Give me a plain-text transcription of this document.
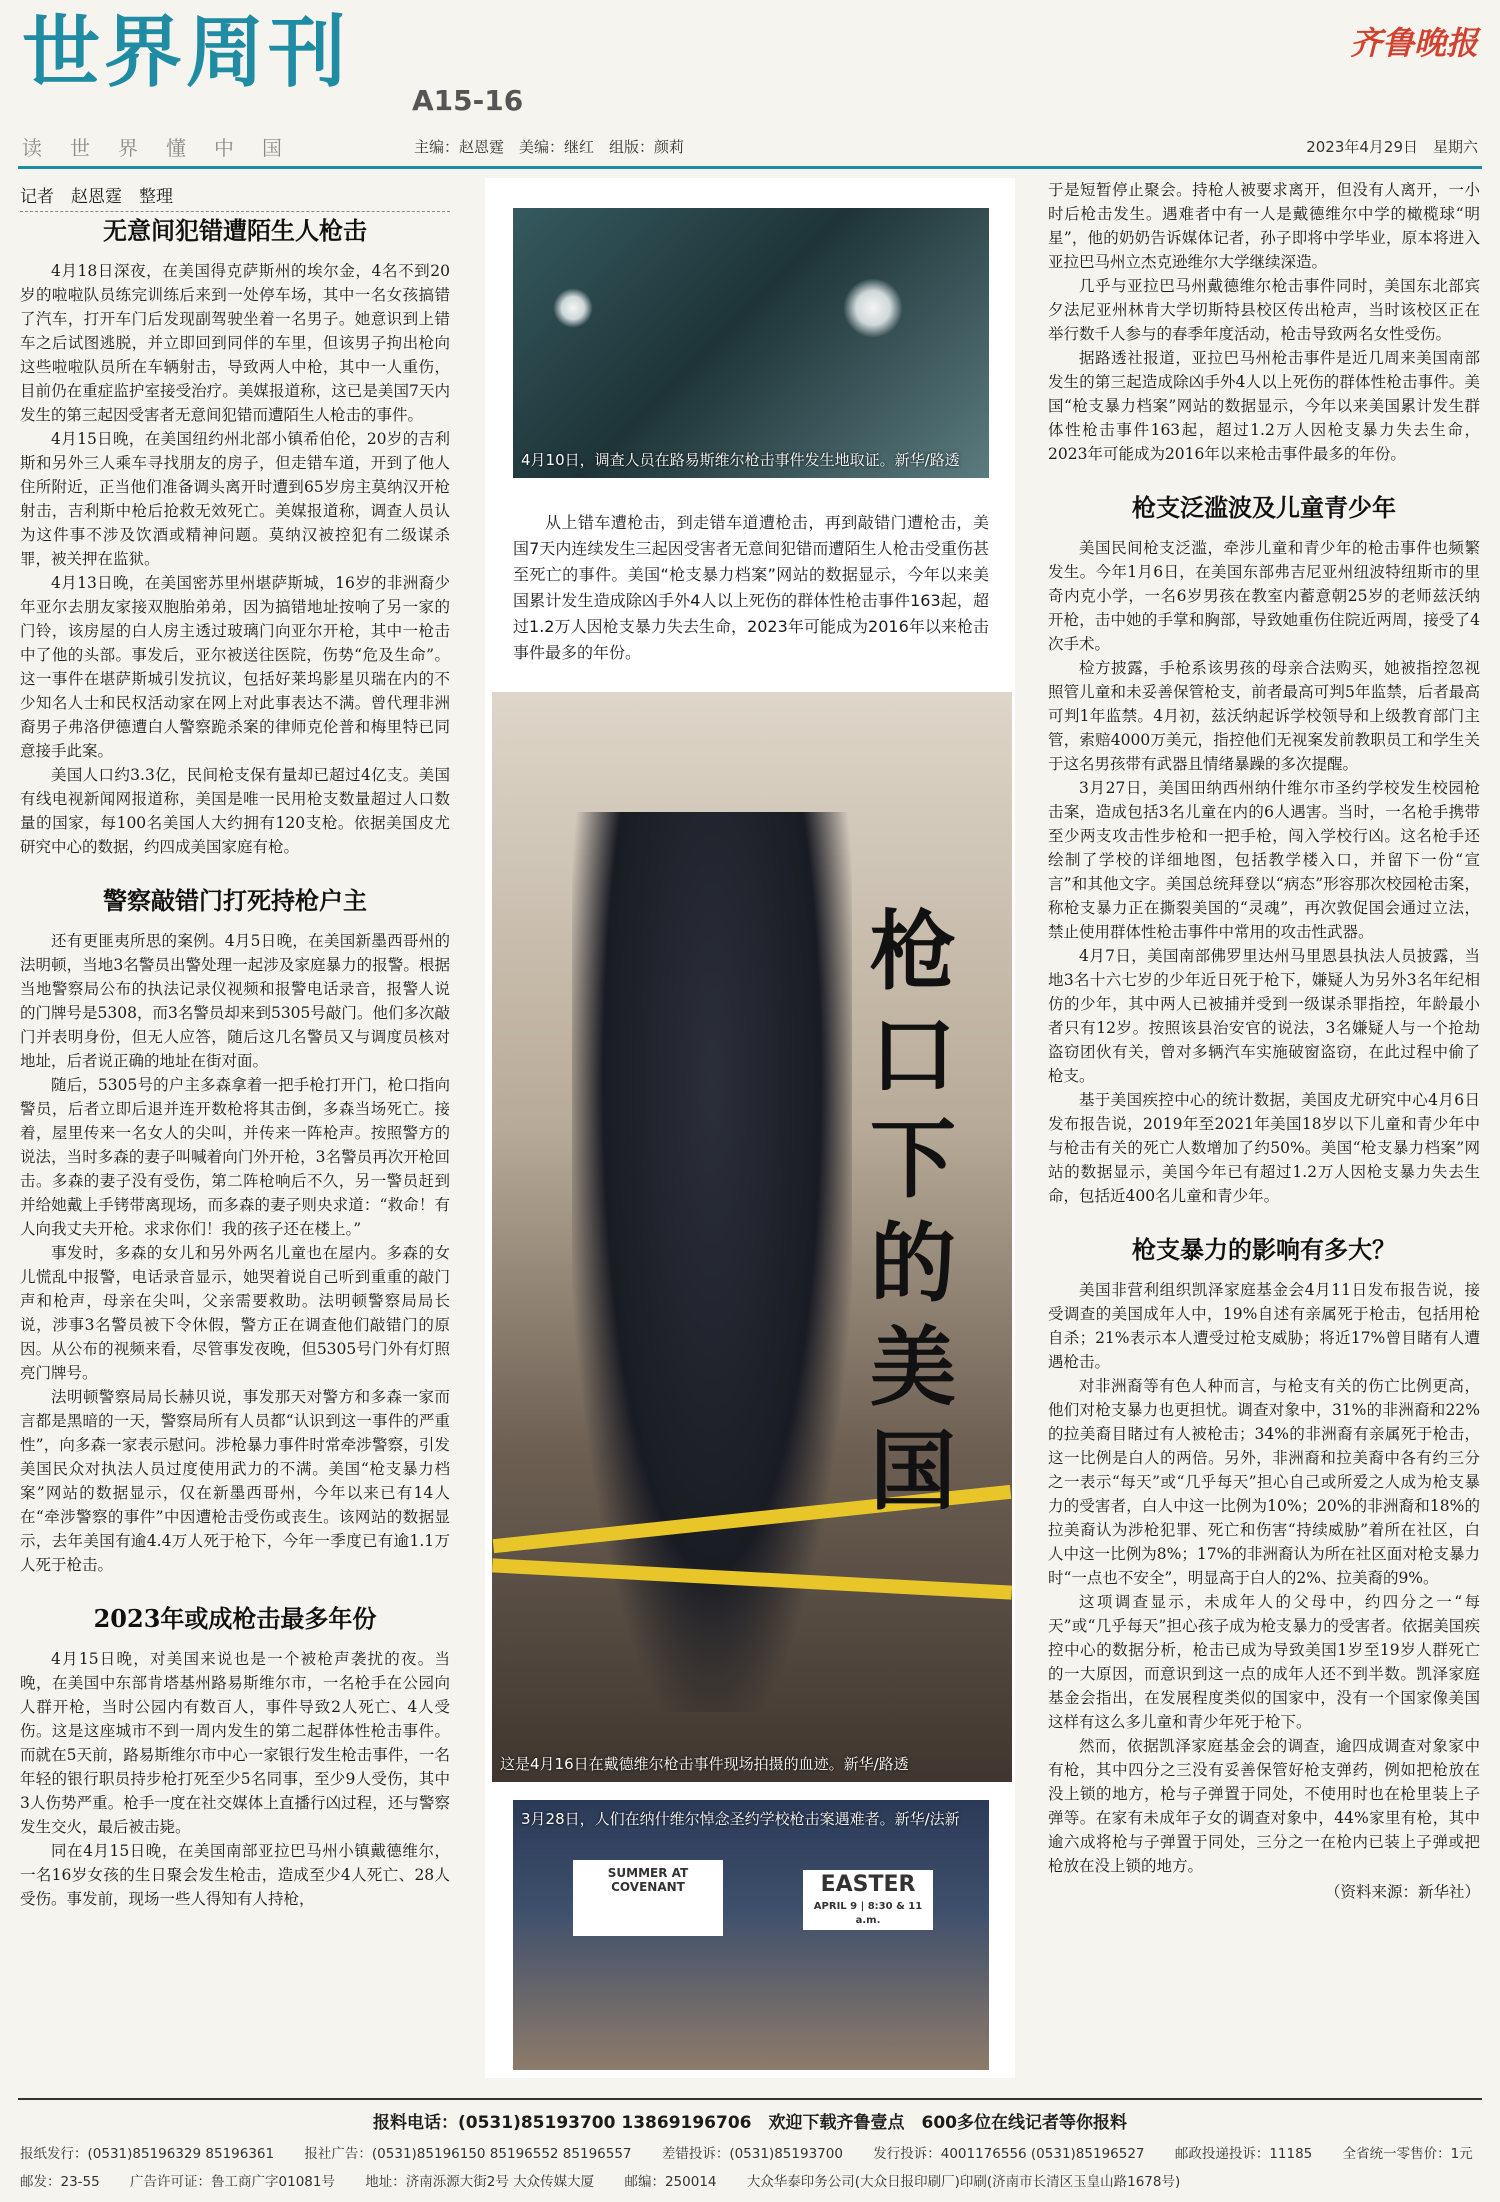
世界周刊
A15-16
读世界懂中国
齐鲁晚报
主编：赵恩霆　美编：继红　组版：颜莉	2023年4月29日　星期六
记者　赵恩霆　整理
无意间犯错遭陌生人枪击

4月18日深夜，在美国得克萨斯州的埃尔金，4名不到20岁的啦啦队员练完训练后来到一处停车场，其中一名女孩搞错了汽车，打开车门后发现副驾驶坐着一名男子。她意识到上错车之后试图逃脱，并立即回到同伴的车里，但该男子拘出枪向这些啦啦队员所在车辆射击，导致两人中枪，其中一人重伤，目前仍在重症监护室接受治疗。美媒报道称，这已是美国7天内发生的第三起因受害者无意间犯错而遭陌生人枪击的事件。

4月15日晚，在美国纽约州北部小镇希伯伦，20岁的吉利斯和另外三人乘车寻找朋友的房子，但走错车道，开到了他人住所附近，正当他们准备调头离开时遭到65岁房主莫纳汉开枪射击，吉利斯中枪后抢救无效死亡。美媒报道称，调查人员认为这件事不涉及饮酒或精神问题。莫纳汉被控犯有二级谋杀罪，被关押在监狱。

4月13日晚，在美国密苏里州堪萨斯城，16岁的非洲裔少年亚尔去朋友家接双胞胎弟弟，因为搞错地址按响了另一家的门铃，该房屋的白人房主透过玻璃门向亚尔开枪，其中一枪击中了他的头部。事发后，亚尔被送往医院，伤势“危及生命”。这一事件在堪萨斯城引发抗议，包括好莱坞影星贝瑞在内的不少知名人士和民权活动家在网上对此事表达不满。曾代理非洲裔男子弗洛伊德遭白人警察跪杀案的律师克伦普和梅里特已同意接手此案。

美国人口约3.3亿，民间枪支保有量却已超过4亿支。美国有线电视新闻网报道称，美国是唯一民用枪支数量超过人口数量的国家，每100名美国人大约拥有120支枪。依据美国皮尤研究中心的数据，约四成美国家庭有枪。

警察敲错门打死持枪户主

还有更匪夷所思的案例。4月5日晚，在美国新墨西哥州的法明顿，当地3名警员出警处理一起涉及家庭暴力的报警。根据当地警察局公布的执法记录仪视频和报警电话录音，报警人说的门牌号是5308，而3名警员却来到5305号敲门。他们多次敲门并表明身份，但无人应答，随后这几名警员又与调度员核对地址，后者说正确的地址在街对面。

随后，5305号的户主多森拿着一把手枪打开门，枪口指向警员，后者立即后退并连开数枪将其击倒，多森当场死亡。接着，屋里传来一名女人的尖叫，并传来一阵枪声。按照警方的说法，当时多森的妻子叫喊着向门外开枪，3名警员再次开枪回击。多森的妻子没有受伤，第二阵枪响后不久，另一警员赶到并给她戴上手铐带离现场，而多森的妻子则央求道：“救命！有人向我丈夫开枪。求求你们！我的孩子还在楼上。”

事发时，多森的女儿和另外两名儿童也在屋内。多森的女儿慌乱中报警，电话录音显示，她哭着说自己听到重重的敲门声和枪声，母亲在尖叫，父亲需要救助。法明顿警察局局长说，涉事3名警员被下令休假，警方正在调查他们敲错门的原因。从公布的视频来看，尽管事发夜晚，但5305号门外有灯照亮门牌号。

法明顿警察局局长赫贝说，事发那天对警方和多森一家而言都是黑暗的一天，警察局所有人员都“认识到这一事件的严重性”，向多森一家表示慰问。涉枪暴力事件时常牵涉警察，引发美国民众对执法人员过度使用武力的不满。美国“枪支暴力档案”网站的数据显示，仅在新墨西哥州，今年以来已有14人在“牵涉警察的事件”中因遭枪击受伤或丧生。该网站的数据显示，去年美国有逾4.4万人死于枪下，今年一季度已有逾1.1万人死于枪击。

2023年或成枪击最多年份

4月15日晚，对美国来说也是一个被枪声袭扰的夜。当晚，在美国中东部肯塔基州路易斯维尔市，一名枪手在公园向人群开枪，当时公园内有数百人，事件导致2人死亡、4人受伤。这是这座城市不到一周内发生的第二起群体性枪击事件。而就在5天前，路易斯维尔市中心一家银行发生枪击事件，一名年轻的银行职员持步枪打死至少5名同事，至少9人受伤，其中3人伤势严重。枪手一度在社交媒体上直播行凶过程，还与警察发生交火，最后被击毙。

同在4月15日晚，在美国南部亚拉巴马州小镇戴德维尔，一名16岁女孩的生日聚会发生枪击，造成至少4人死亡、28人受伤。事发前，现场一些人得知有人持枪，

4月10日，调查人员在路易斯维尔枪击事件发生地取证。新华/路透
从上错车遭枪击，到走错车道遭枪击，再到敲错门遭枪击，美国7天内连续发生三起因受害者无意间犯错而遭陌生人枪击受重伤甚至死亡的事件。美国“枪支暴力档案”网站的数据显示，今年以来美国累计发生造成除凶手外4人以上死伤的群体性枪击事件163起，超过1.2万人因枪支暴力失去生命，2023年可能成为2016年以来枪击事件最多的年份。
这是4月16日在戴德维尔枪击事件现场拍摄的血迹。新华/路透
枪口下的美国
3月28日，人们在纳什维尔悼念圣约学校枪击案遇难者。新华/法新
SUMMER AT COVENANT	EASTER
APRIL 9 | 8:30 & 11 a.m.

于是短暂停止聚会。持枪人被要求离开，但没有人离开，一小时后枪击发生。遇难者中有一人是戴德维尔中学的橄榄球“明星”，他的奶奶告诉媒体记者，孙子即将中学毕业，原本将进入亚拉巴马州立杰克逊维尔大学继续深造。

几乎与亚拉巴马州戴德维尔枪击事件同时，美国东北部宾夕法尼亚州林肯大学切斯特县校区传出枪声，当时该校区正在举行数千人参与的春季年度活动，枪击导致两名女性受伤。

据路透社报道，亚拉巴马州枪击事件是近几周来美国南部发生的第三起造成除凶手外4人以上死伤的群体性枪击事件。美国“枪支暴力档案”网站的数据显示，今年以来美国累计发生群体性枪击事件163起，超过1.2万人因枪支暴力失去生命，2023年可能成为2016年以来枪击事件最多的年份。

枪支泛滥波及儿童青少年

美国民间枪支泛滥，牵涉儿童和青少年的枪击事件也频繁发生。今年1月6日，在美国东部弗吉尼亚州纽波特纽斯市的里奇内克小学，一名6岁男孩在教室内蓄意朝25岁的老师兹沃纳开枪，击中她的手掌和胸部，导致她重伤住院近两周，接受了4次手术。

检方披露，手枪系该男孩的母亲合法购买，她被指控忽视照管儿童和未妥善保管枪支，前者最高可判5年监禁，后者最高可判1年监禁。4月初，兹沃纳起诉学校领导和上级教育部门主管，索赔4000万美元，指控他们无视案发前教职员工和学生关于这名男孩带有武器且情绪暴躁的多次提醒。

3月27日，美国田纳西州纳什维尔市圣约学校发生校园枪击案，造成包括3名儿童在内的6人遇害。当时，一名枪手携带至少两支攻击性步枪和一把手枪，闯入学校行凶。这名枪手还绘制了学校的详细地图，包括教学楼入口，并留下一份“宣言”和其他文字。美国总统拜登以“病态”形容那次校园枪击案，称枪支暴力正在撕裂美国的“灵魂”，再次敦促国会通过立法，禁止使用群体性枪击事件中常用的攻击性武器。

4月7日，美国南部佛罗里达州马里恩县执法人员披露，当地3名十六七岁的少年近日死于枪下，嫌疑人为另外3名年纪相仿的少年，其中两人已被捕并受到一级谋杀罪指控，年龄最小者只有12岁。按照该县治安官的说法，3名嫌疑人与一个抢劫盗窃团伙有关，曾对多辆汽车实施破窗盗窃，在此过程中偷了枪支。

基于美国疾控中心的统计数据，美国皮尤研究中心4月6日发布报告说，2019年至2021年美国18岁以下儿童和青少年中与枪击有关的死亡人数增加了约50%。美国“枪支暴力档案”网站的数据显示，美国今年已有超过1.2万人因枪支暴力失去生命，包括近400名儿童和青少年。

枪支暴力的影响有多大？

美国非营利组织凯泽家庭基金会4月11日发布报告说，接受调查的美国成年人中，19%自述有亲属死于枪击，包括用枪自杀；21%表示本人遭受过枪支威胁；将近17%曾目睹有人遭遇枪击。

对非洲裔等有色人种而言，与枪支有关的伤亡比例更高，他们对枪支暴力也更担忧。调查对象中，31%的非洲裔和22%的拉美裔目睹过有人被枪击；34%的非洲裔有亲属死于枪击，这一比例是白人的两倍。另外，非洲裔和拉美裔中各有约三分之一表示“每天”或“几乎每天”担心自己或所爱之人成为枪支暴力的受害者，白人中这一比例为10%；20%的非洲裔和18%的拉美裔认为涉枪犯罪、死亡和伤害“持续威胁”着所在社区，白人中这一比例为8%；17%的非洲裔认为所在社区面对枪支暴力时“一点也不安全”，明显高于白人的2%、拉美裔的9%。

这项调查显示，未成年人的父母中，约四分之一“每天”或“几乎每天”担心孩子成为枪支暴力的受害者。依据美国疾控中心的数据分析，枪击已成为导致美国1岁至19岁人群死亡的一大原因，而意识到这一点的成年人还不到半数。凯泽家庭基金会指出，在发展程度类似的国家中，没有一个国家像美国这样有这么多儿童和青少年死于枪下。

然而，依据凯泽家庭基金会的调查，逾四成调查对象家中有枪，其中四分之三没有妥善保管好枪支弹药，例如把枪放在没上锁的地方，枪与子弹置于同处，不使用时也在枪里装上子弹等。在家有未成年子女的调查对象中，44%家里有枪，其中逾六成将枪与子弹置于同处，三分之一在枪内已装上子弹或把枪放在没上锁的地方。

（资料来源：新华社）

报料电话：(0531)85193700 13869196706　欢迎下载齐鲁壹点　600多位在线记者等你报料
报纸发行：(0531)85196329 85196361 报社广告：(0531)85196150 85196552 85196557 差错投诉：(0531)85193700 发行投诉：4001176556 (0531)85196527 邮政投递投诉：11185 全省统一零售价：1元
邮发：23-55 广告许可证：鲁工商广字01081号 地址：济南泺源大街2号 大众传媒大厦 邮编：250014 大众华泰印务公司(大众日报印刷厂)印刷(济南市长清区玉皇山路1678号)
